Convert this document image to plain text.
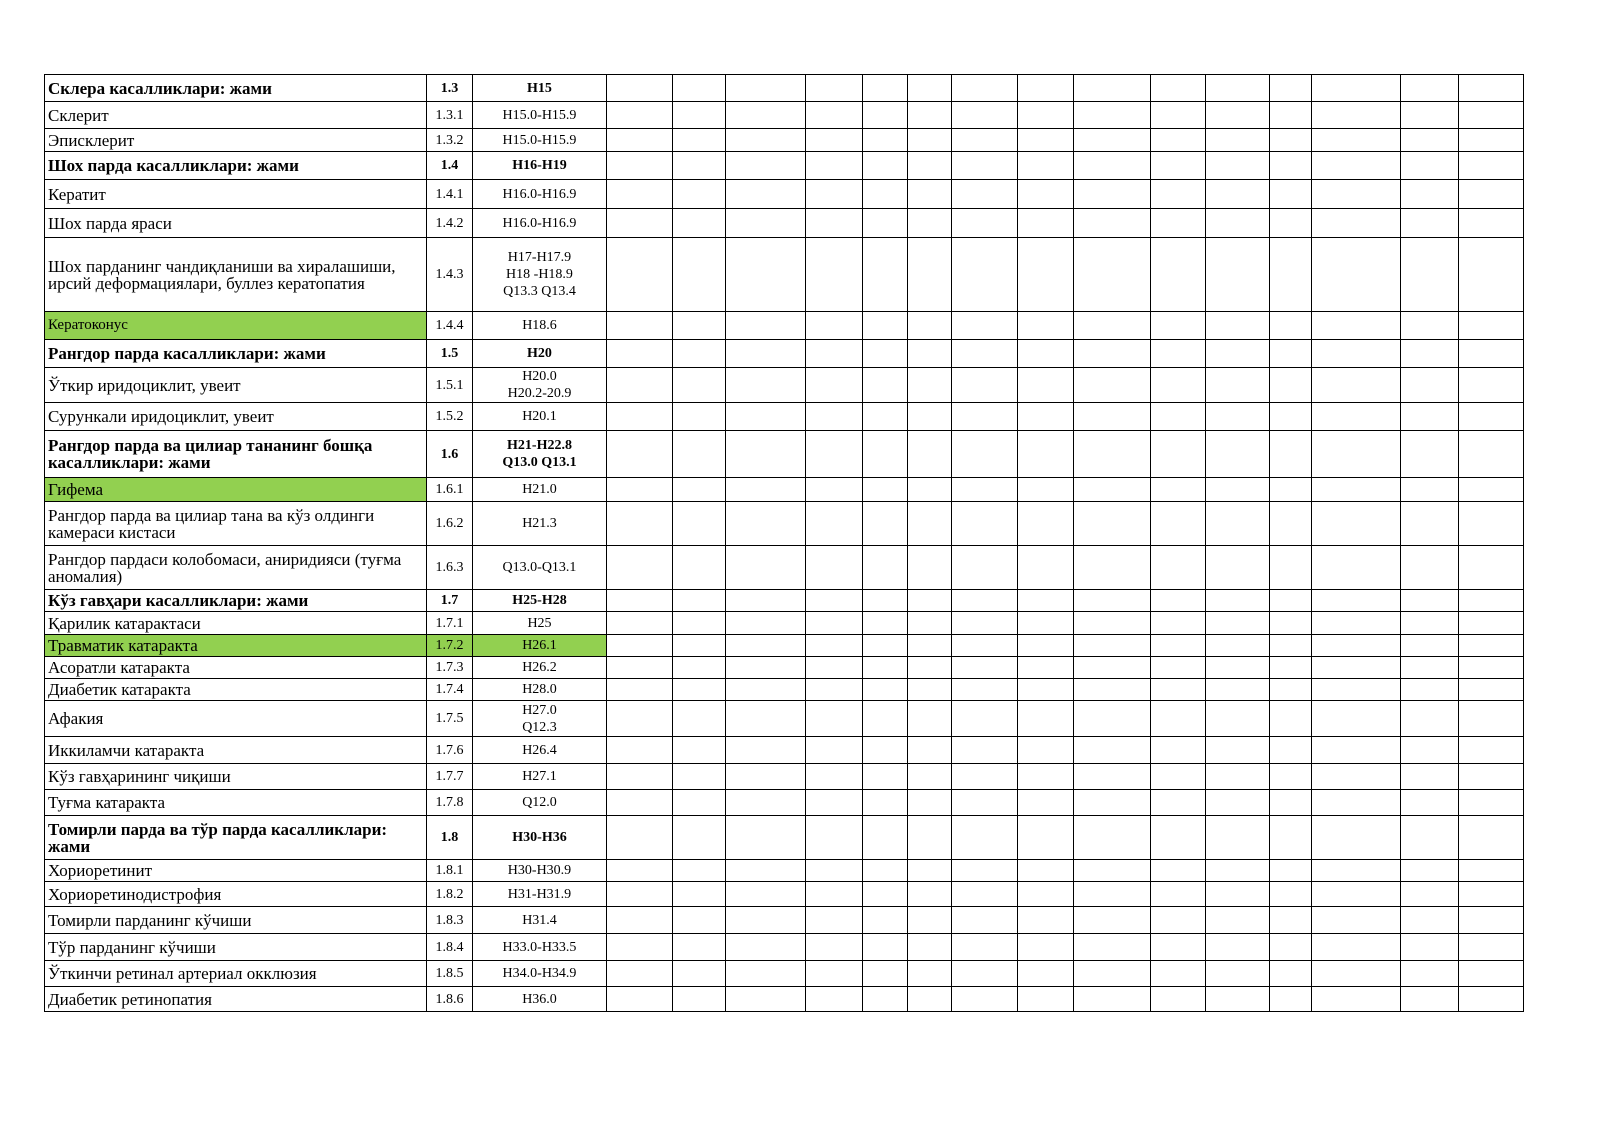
Склера касалликлари: жами	1.3	H15															
Склерит	1.3.1	H15.0-H15.9															
Эписклерит	1.3.2	H15.0-H15.9															
Шох парда касалликлари: жами	1.4	H16-H19															
Кератит	1.4.1	H16.0-H16.9															
Шох парда яраси	1.4.2	H16.0-H16.9															
Шох парданинг чандиқланиши ва хиралашиши, ирсий деформациялари, буллез кератопатия	1.4.3	H17-H17.9
H18 -H18.9
Q13.3 Q13.4															
Кератоконус	1.4.4	H18.6															
Рангдор парда касалликлари: жами	1.5	H20															
Ўткир иридоциклит, увеит	1.5.1	H20.0
H20.2-20.9															
Сурункали иридоциклит, увеит	1.5.2	H20.1															
Рангдор парда ва цилиар тананинг бошқа касалликлари: жами	1.6	H21-H22.8
Q13.0 Q13.1															
Гифема	1.6.1	H21.0															
Рангдор парда ва цилиар тана ва кўз олдинги камераси кистаси	1.6.2	H21.3															
Рангдор пардаси колобомаси, аниридияси (туғма аномалия)	1.6.3	Q13.0-Q13.1															
Кўз гавҳари касалликлари: жами	1.7	H25-H28															
Қарилик катарактаси	1.7.1	H25															
Травматик катаракта	1.7.2	H26.1															
Асоратли катаракта	1.7.3	H26.2															
Диабетик катаракта	1.7.4	H28.0															
Афакия	1.7.5	H27.0
Q12.3															
Иккиламчи катаракта	1.7.6	H26.4															
Кўз гавҳарининг чиқиши	1.7.7	H27.1															
Туғма катаракта	1.7.8	Q12.0															
Томирли парда ва тўр парда касалликлари: жами	1.8	H30-H36															
Хориоретинит	1.8.1	H30-H30.9															
Хориоретинодистрофия	1.8.2	H31-H31.9															
Томирли парданинг кўчиши	1.8.3	H31.4															
Тўр парданинг кўчиши	1.8.4	H33.0-H33.5															
Ўткинчи ретинал артериал окклюзия	1.8.5	H34.0-H34.9															
Диабетик ретинопатия	1.8.6	H36.0															
